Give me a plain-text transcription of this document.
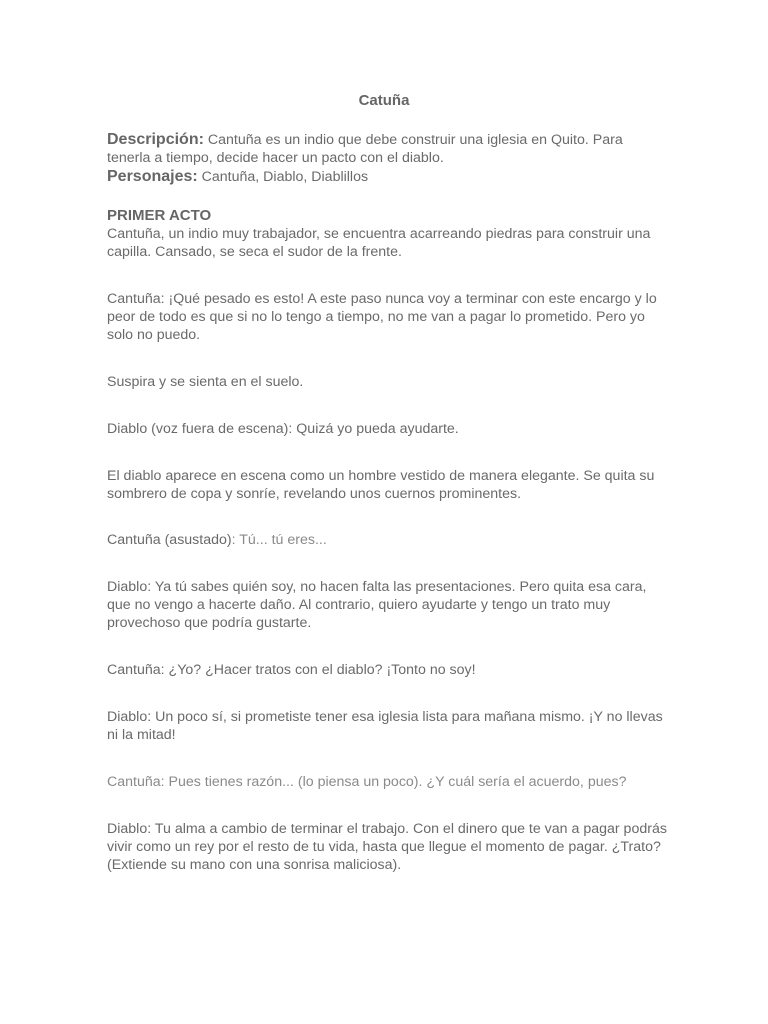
Catuña
Descripción: Cantuña es un indio que debe construir una iglesia en Quito. Para tenerla a tiempo, decide hacer un pacto con el diablo.
Personajes: Cantuña, Diablo, Diablillos
PRIMER ACTO
Cantuña, un indio muy trabajador, se encuentra acarreando piedras para construir una capilla. Cansado, se seca el sudor de la frente.
Cantuña: ¡Qué pesado es esto! A este paso nunca voy a terminar con este encargo y lo peor de todo es que si no lo tengo a tiempo, no me van a pagar lo prometido. Pero yo solo no puedo.
Suspira y se sienta en el suelo.
Diablo (voz fuera de escena): Quizá yo pueda ayudarte.
El diablo aparece en escena como un hombre vestido de manera elegante. Se quita su sombrero de copa y sonríe, revelando unos cuernos prominentes.
Cantuña (asustado): Tú... tú eres...
Diablo: Ya tú sabes quién soy, no hacen falta las presentaciones. Pero quita esa cara, que no vengo a hacerte daño. Al contrario, quiero ayudarte y tengo un trato muy provechoso que podría gustarte.
Cantuña: ¿Yo? ¿Hacer tratos con el diablo? ¡Tonto no soy!
Diablo: Un poco sí, si prometiste tener esa iglesia lista para mañana mismo. ¡Y no llevas ni la mitad!
Cantuña: Pues tienes razón... (lo piensa un poco). ¿Y cuál sería el acuerdo, pues?
Diablo: Tu alma a cambio de terminar el trabajo. Con el dinero que te van a pagar podrás vivir como un rey por el resto de tu vida, hasta que llegue el momento de pagar. ¿Trato? (Extiende su mano con una sonrisa maliciosa).
